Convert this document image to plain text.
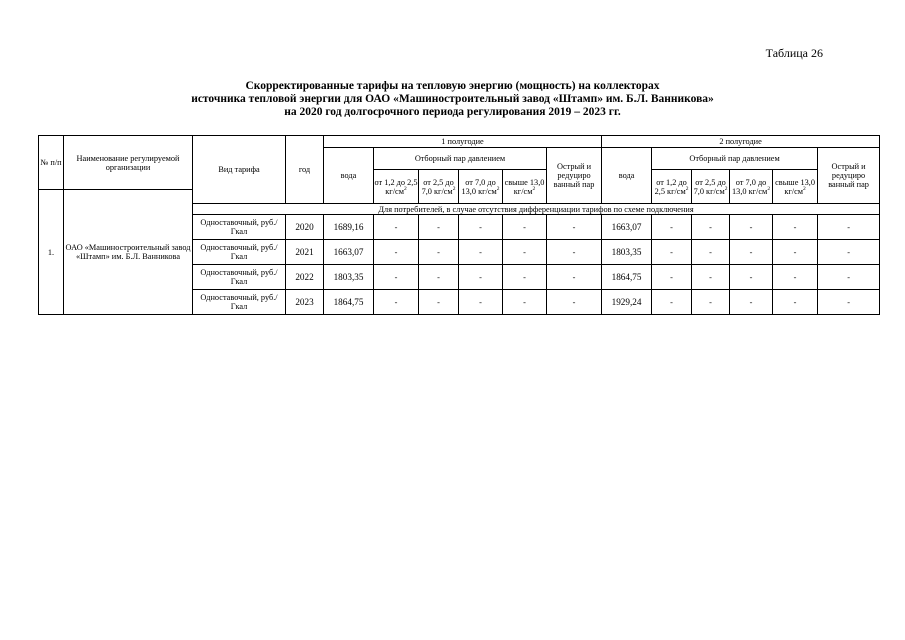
Таблица 26
Скорректированные тарифы на тепловую энергию (мощность) на коллекторах
источника тепловой энергии для ОАО «Машиностроительный завод «Штамп» им. Б.Л. Ванникова»
на 2020 год долгосрочного периода регулирования 2019 – 2023 гг.
№ п/п	Наименование регулируемой организации	Вид тарифа	год	1 полугодие						2 полугодие					
				вода	Отборный пар давлением				Острый и редуциро ванный пар	вода	Отборный пар давлением				Острый и редуциро ванный пар
					от 1,2 до 2,5 $кг/см^2$	от 2,5 до 7,0 $кг/см^2$	от 7,0 до 13,0 $кг/см^2$	свыше 13,0 $кг/см^2$			от 1,2 до 2,5 $кг/см^2$	от 2,5 до 7,0 $кг/см^2$	от 7,0 до 13,0 $кг/см^2$	свыше 13,0 $кг/см^2$
1.	ОАО «Машиностроительный завод «Штамп» им. Б.Л. Ванникова														
		Для потребителей, в случае отсутствия дифференциации тарифов по схеме подключения													
		Одноставочный, руб./Гкал	2020	1689,16	-	-	-	-	-	1663,07	-	-	-	-	-
		Одноставочный, руб./Гкал	2021	1663,07	-	-	-	-	-	1803,35	-	-	-	-	-
		Одноставочный, руб./Гкал	2022	1803,35	-	-	-	-	-	1864,75	-	-	-	-	-
		Одноставочный, руб./Гкал	2023	1864,75	-	-	-	-	-	1929,24	-	-	-	-	-
